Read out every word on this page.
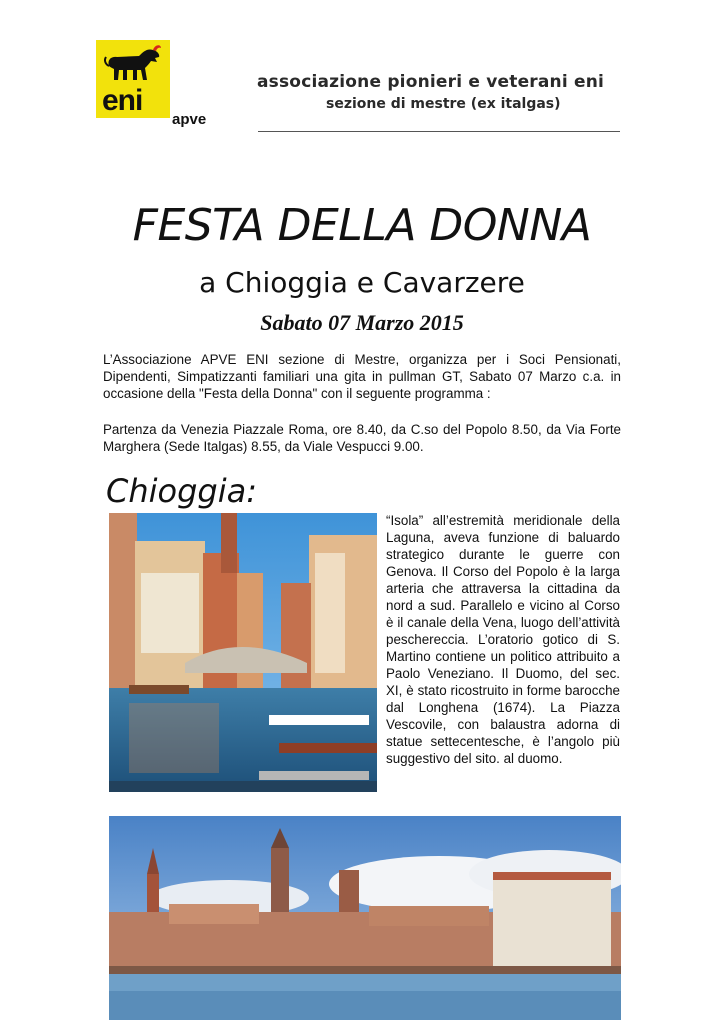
eni
apve
associazione pionieri e veterani eni
sezione di mestre (ex italgas)
FESTA DELLA DONNA
a Chioggia e Cavarzere
Sabato 07 Marzo 2015
L’Associazione APVE ENI sezione di Mestre, organizza per i Soci Pensionati, Dipendenti, Simpatizzanti familiari una gita in pullman GT, Sabato 07 Marzo c.a. in occasione della "Festa della Donna" con il seguente programma :
Partenza da Venezia Piazzale Roma, ore 8.40, da C.so del Popolo 8.50, da Via Forte Marghera (Sede Italgas) 8.55, da Viale Vespucci 9.00.
Chioggia:
“Isola” all’estremità meridionale della Laguna, aveva funzione di baluardo strategico durante le guerre con Genova. Il Corso del Popolo è la larga arteria che attraversa la cittadina da nord a sud. Parallelo e vicino al Corso è il canale della Vena, luogo dell’attività peschereccia. L’oratorio gotico di S. Martino contiene un politico attribuito a Paolo Veneziano. Il Duomo, del sec. XI, è stato ricostruito in forme barocche dal Longhena (1674). La Piazza Vescovile, con balaustra adorna di statue settecentesche, è l’angolo più suggestivo del sito. al duomo.
